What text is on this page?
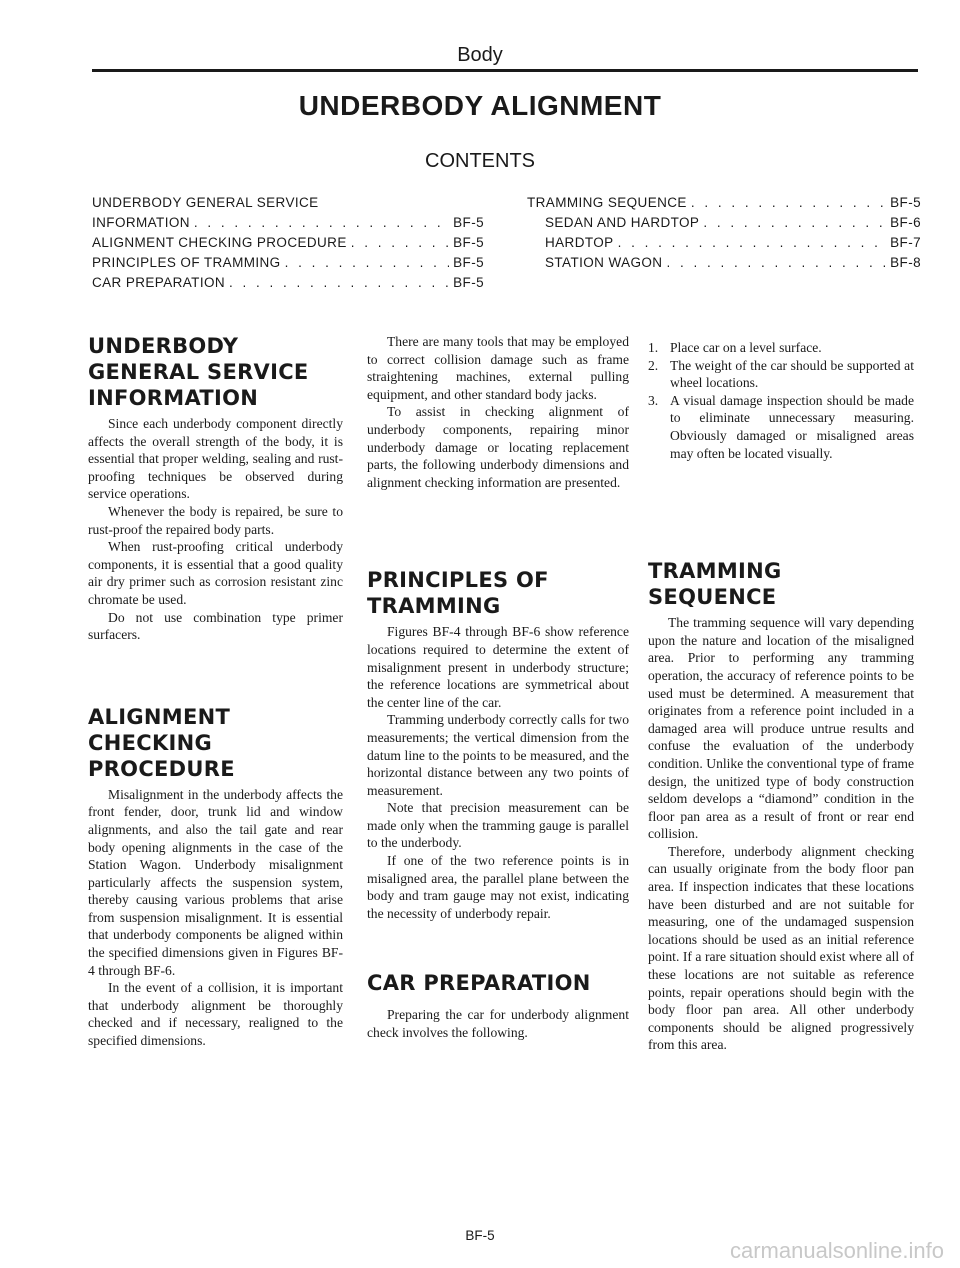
Body
UNDERBODY ALIGNMENT
CONTENTS
UNDERBODY GENERAL SERVICE
INFORMATION . . .	BF-5
ALIGNMENT CHECKING PROCEDURE . . .	BF-5
PRINCIPLES OF TRAMMING . . .	BF-5
CAR PREPARATION . . .	BF-5
TRAMMING SEQUENCE . . .	BF-5
SEDAN AND HARDTOP . . .	BF-6
HARDTOP . . .	BF-7
STATION WAGON . . .	BF-8
UNDERBODY
GENERAL SERVICE
INFORMATION

Since each underbody component directly affects the overall strength of the body, it is essential that proper welding, sealing and rust-proofing techniques be observed during service operations.

Whenever the body is repaired, be sure to rust-proof the repaired body parts.

When rust-proofing critical underbody components, it is essential that a good quality air dry primer such as corrosion resistant zinc chromate be used.

Do not use combination type primer surfacers.

ALIGNMENT
CHECKING
PROCEDURE

Misalignment in the underbody affects the front fender, door, trunk lid and window alignments, and also the tail gate and rear body opening alignments in the case of the Station Wagon. Underbody misalignment particularly affects the suspension system, thereby causing various problems that arise from suspension misalignment. It is essential that underbody components be aligned within the specified dimensions given in Figures BF-4 through BF-6.

In the event of a collision, it is important that underbody alignment be thoroughly checked and if necessary, realigned to the specified dimensions.

There are many tools that may be employed to correct collision damage such as frame straightening machines, external pulling equipment, and other standard body jacks.

To assist in checking alignment of underbody components, repairing minor underbody damage or locating replacement parts, the following underbody dimensions and alignment checking information are presented.

PRINCIPLES OF
TRAMMING

Figures BF-4 through BF-6 show reference locations required to determine the extent of misalignment present in underbody structure; the reference locations are symmetrical about the center line of the car.

Tramming underbody correctly calls for two measurements; the vertical dimension from the datum line to the points to be measured, and the horizontal distance between any two points of measurement.

Note that precision measurement can be made only when the tramming gauge is parallel to the underbody.

If one of the two reference points is in misaligned area, the parallel plane between the body and tram gauge may not exist, indicating the necessity of underbody repair.

CAR PREPARATION

Preparing the car for underbody alignment check involves the following.

1. Place car on a level surface.
2. The weight of the car should be supported at wheel locations.
3. A visual damage inspection should be made to eliminate unnecessary measuring. Obviously damaged or misaligned areas may often be located visually.
TRAMMING
SEQUENCE

The tramming sequence will vary depending upon the nature and location of the misaligned area. Prior to performing any tramming operation, the accuracy of reference points to be used must be determined. A measurement that originates from a reference point included in a damaged area will produce untrue results and confuse the evaluation of the underbody condition. Unlike the conventional type of frame design, the unitized type of body construction seldom develops a “diamond” condition in the floor pan area as a result of front or rear end collision.

Therefore, underbody alignment checking can usually originate from the body floor pan area. If inspection indicates that these locations have been disturbed and are not suitable for measuring, one of the undamaged suspension locations should be used as an initial reference point. If a rare situation should exist where all of these locations are not suitable as reference points, repair operations should begin with the body floor pan area. All other underbody components should be aligned progressively from this area.

BF-5
carmanualsonline.info
